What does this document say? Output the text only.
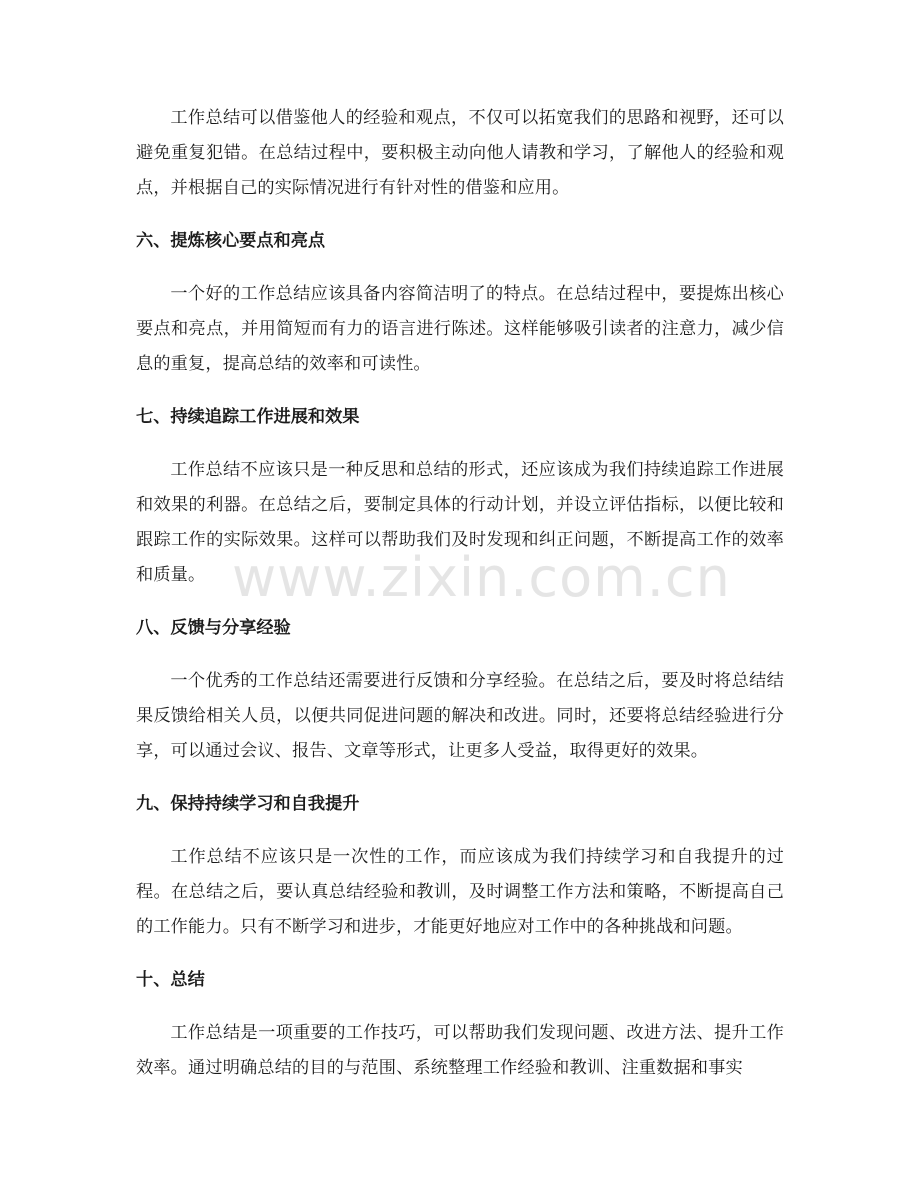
工作总结可以借鉴他人的经验和观点，不仅可以拓宽我们的思路和视野，还可以避免重复犯错。在总结过程中，要积极主动向他人请教和学习，了解他人的经验和观点，并根据自己的实际情况进行有针对性的借鉴和应用。

六、提炼核心要点和亮点

一个好的工作总结应该具备内容简洁明了的特点。在总结过程中，要提炼出核心要点和亮点，并用简短而有力的语言进行陈述。这样能够吸引读者的注意力，减少信息的重复，提高总结的效率和可读性。

七、持续追踪工作进展和效果

工作总结不应该只是一种反思和总结的形式，还应该成为我们持续追踪工作进展和效果的利器。在总结之后，要制定具体的行动计划，并设立评估指标，以便比较和跟踪工作的实际效果。这样可以帮助我们及时发现和纠正问题，不断提高工作的效率和质量。

八、反馈与分享经验

一个优秀的工作总结还需要进行反馈和分享经验。在总结之后，要及时将总结结果反馈给相关人员，以便共同促进问题的解决和改进。同时，还要将总结经验进行分享，可以通过会议、报告、文章等形式，让更多人受益，取得更好的效果。

九、保持持续学习和自我提升

工作总结不应该只是一次性的工作，而应该成为我们持续学习和自我提升的过程。在总结之后，要认真总结经验和教训，及时调整工作方法和策略，不断提高自己的工作能力。只有不断学习和进步，才能更好地应对工作中的各种挑战和问题。

十、总结

工作总结是一项重要的工作技巧，可以帮助我们发现问题、改进方法、提升工作效率。通过明确总结的目的与范围、系统整理工作经验和教训、注重数据和事实

www.zixin.com.cn
